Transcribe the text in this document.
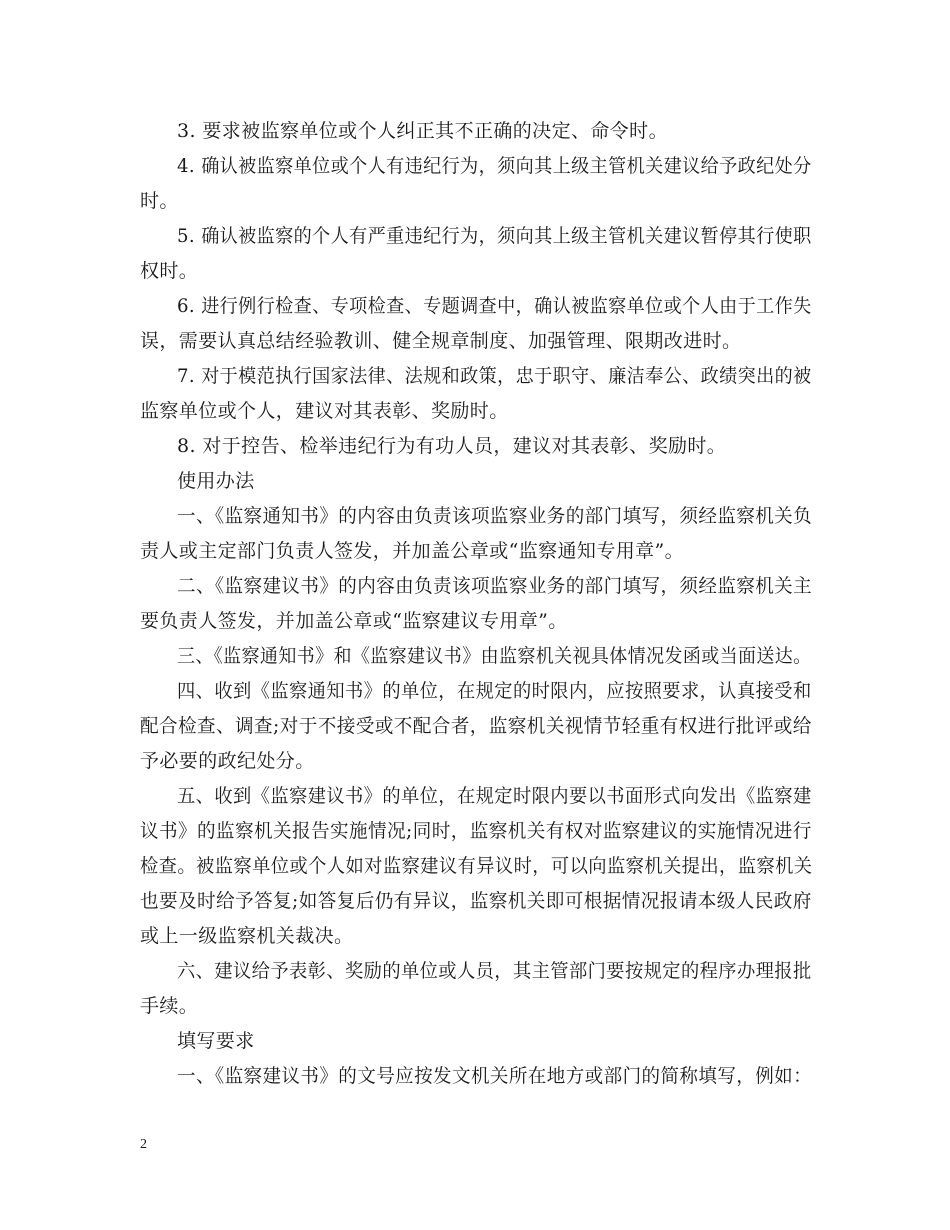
3. 要求被监察单位或个人纠正其不正确的决定、命令时。
4. 确认被监察单位或个人有违纪行为，须向其上级主管机关建议给予政纪处分
时。
5. 确认被监察的个人有严重违纪行为，须向其上级主管机关建议暂停其行使职
权时。
6. 进行例行检查、专项检查、专题调查中，确认被监察单位或个人由于工作失
误，需要认真总结经验教训、健全规章制度、加强管理、限期改进时。
7. 对于模范执行国家法律、法规和政策，忠于职守、廉洁奉公、政绩突出的被
监察单位或个人，建议对其表彰、奖励时。
8. 对于控告、检举违纪行为有功人员，建议对其表彰、奖励时。
使用办法
一、《监察通知书》的内容由负责该项监察业务的部门填写，须经监察机关负
责人或主定部门负责人签发，并加盖公章或“监察通知专用章”。
二、《监察建议书》的内容由负责该项监察业务的部门填写，须经监察机关主
要负责人签发，并加盖公章或“监察建议专用章”。
三、《监察通知书》和《监察建议书》由监察机关视具体情况发函或当面送达。
四、收到《监察通知书》的单位，在规定的时限内，应按照要求，认真接受和
配合检查、调查;对于不接受或不配合者，监察机关视情节轻重有权进行批评或给
予必要的政纪处分。
五、收到《监察建议书》的单位，在规定时限内要以书面形式向发出《监察建
议书》的监察机关报告实施情况;同时，监察机关有权对监察建议的实施情况进行
检查。被监察单位或个人如对监察建议有异议时，可以向监察机关提出，监察机关
也要及时给予答复;如答复后仍有异议，监察机关即可根据情况报请本级人民政府
或上一级监察机关裁决。
六、建议给予表彰、奖励的单位或人员，其主管部门要按规定的程序办理报批
手续。
填写要求
一、《监察建议书》的文号应按发文机关所在地方或部门的简称填写，例如：
2
